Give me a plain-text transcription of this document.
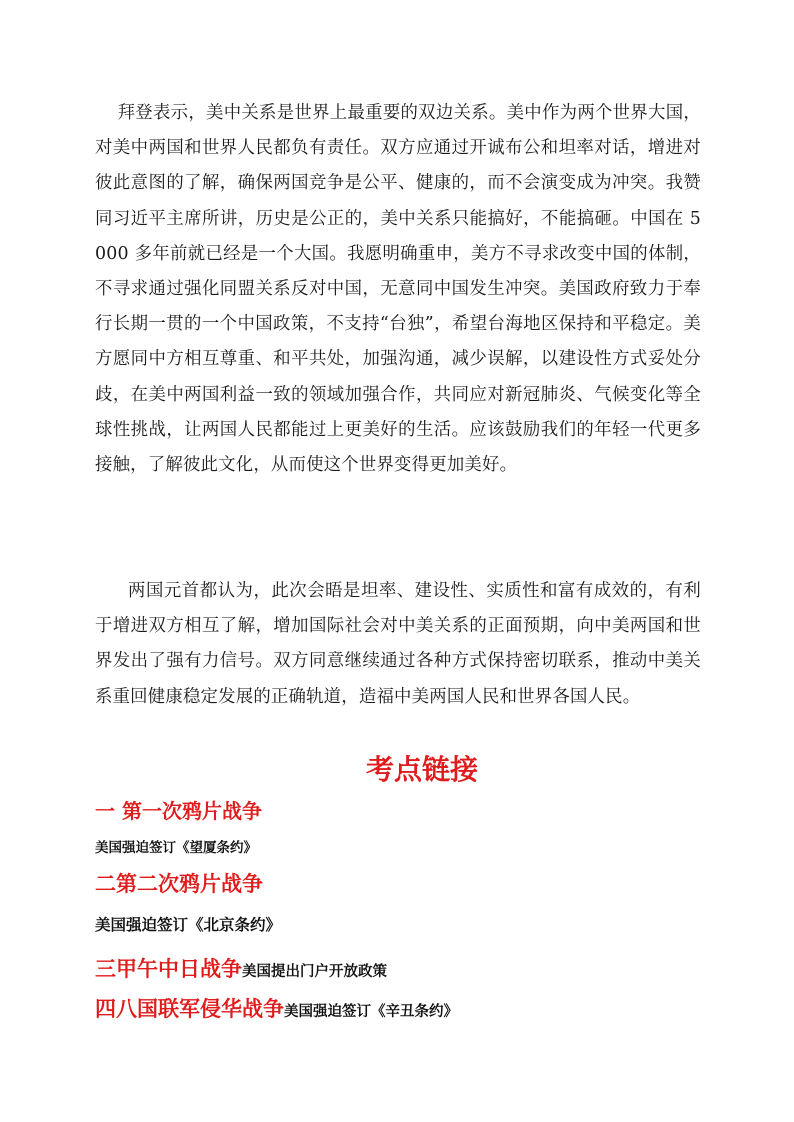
拜登表示，美中关系是世界上最重要的双边关系。美中作为两个世界大国，对美中两国和世界人民都负有责任。双方应通过开诚布公和坦率对话，增进对彼此意图的了解，确保两国竞争是公平、健康的，而不会演变成为冲突。我赞同习近平主席所讲，历史是公正的，美中关系只能搞好，不能搞砸。中国在 5000 多年前就已经是一个大国。我愿明确重申，美方不寻求改变中国的体制，不寻求通过强化同盟关系反对中国，无意同中国发生冲突。美国政府致力于奉行长期一贯的一个中国政策，不支持“台独”，希望台海地区保持和平稳定。美方愿同中方相互尊重、和平共处，加强沟通，减少误解，以建设性方式妥处分歧，在美中两国利益一致的领域加强合作，共同应对新冠肺炎、气候变化等全球性挑战，让两国人民都能过上更美好的生活。应该鼓励我们的年轻一代更多接触，了解彼此文化，从而使这个世界变得更加美好。

两国元首都认为，此次会晤是坦率、建设性、实质性和富有成效的，有利于增进双方相互了解，增加国际社会对中美关系的正面预期，向中美两国和世界发出了强有力信号。双方同意继续通过各种方式保持密切联系，推动中美关系重回健康稳定发展的正确轨道，造福中美两国人民和世界各国人民。

考点链接
一 第一次鸦片战争
美国强迫签订《望厦条约》
二第二次鸦片战争
美国强迫签订《北京条约》
三甲午中日战争美国提出门户开放政策
四八国联军侵华战争美国强迫签订《辛丑条约》
